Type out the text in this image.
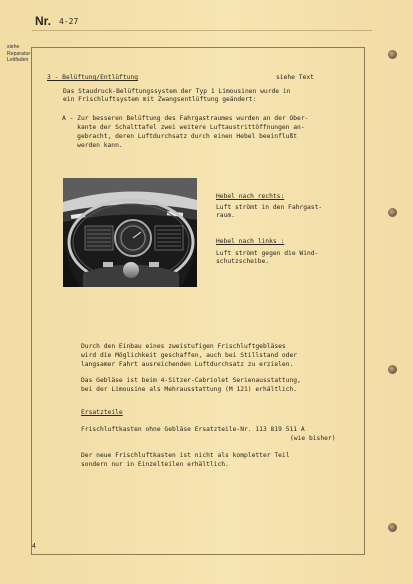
Nr. 4-27
siehe
Reparatur-
Leitfaden
3 - Belüftung/Entlüftung	siehe Text
Das Staudruck-Belüftungssystem der Typ 1 Limousinen wurde in
ein Frischluftsystem mit Zwangsentlüftung geändert:
A - Zur besseren Belüftung des Fahrgastraumes wurden an der Ober-
kante der Schalttafel zwei weitere Luftaustrittöffnungen an-
gebracht, deren Luftdurchsatz durch einen Hebel beeinflußt
werden kann.
Hebel nach rechts:
Luft strömt in den Fahrgast-
raum.
Hebel nach links :
Luft strömt gegen die Wind-
schutzscheibe.
Durch den Einbau eines zweistufigen Frischluftgebläses
wird die Möglichkeit geschaffen, auch bei Stillstand oder
langsamer Fahrt ausreichenden Luftdurchsatz zu erzielen.
Das Gebläse ist beim 4-Sitzer-Cabriolet Serienausstattung,
bei der Limousine als Mehrausstattung (M 121) erhältlich.
Ersatzteile
Frischluftkasten ohne Gebläse Ersatzteile-Nr. 113 819 511 A
(wie bisher)
Der neue Frischluftkasten ist nicht als kompletter Teil
sondern nur in Einzelteilen erhältlich.
4
